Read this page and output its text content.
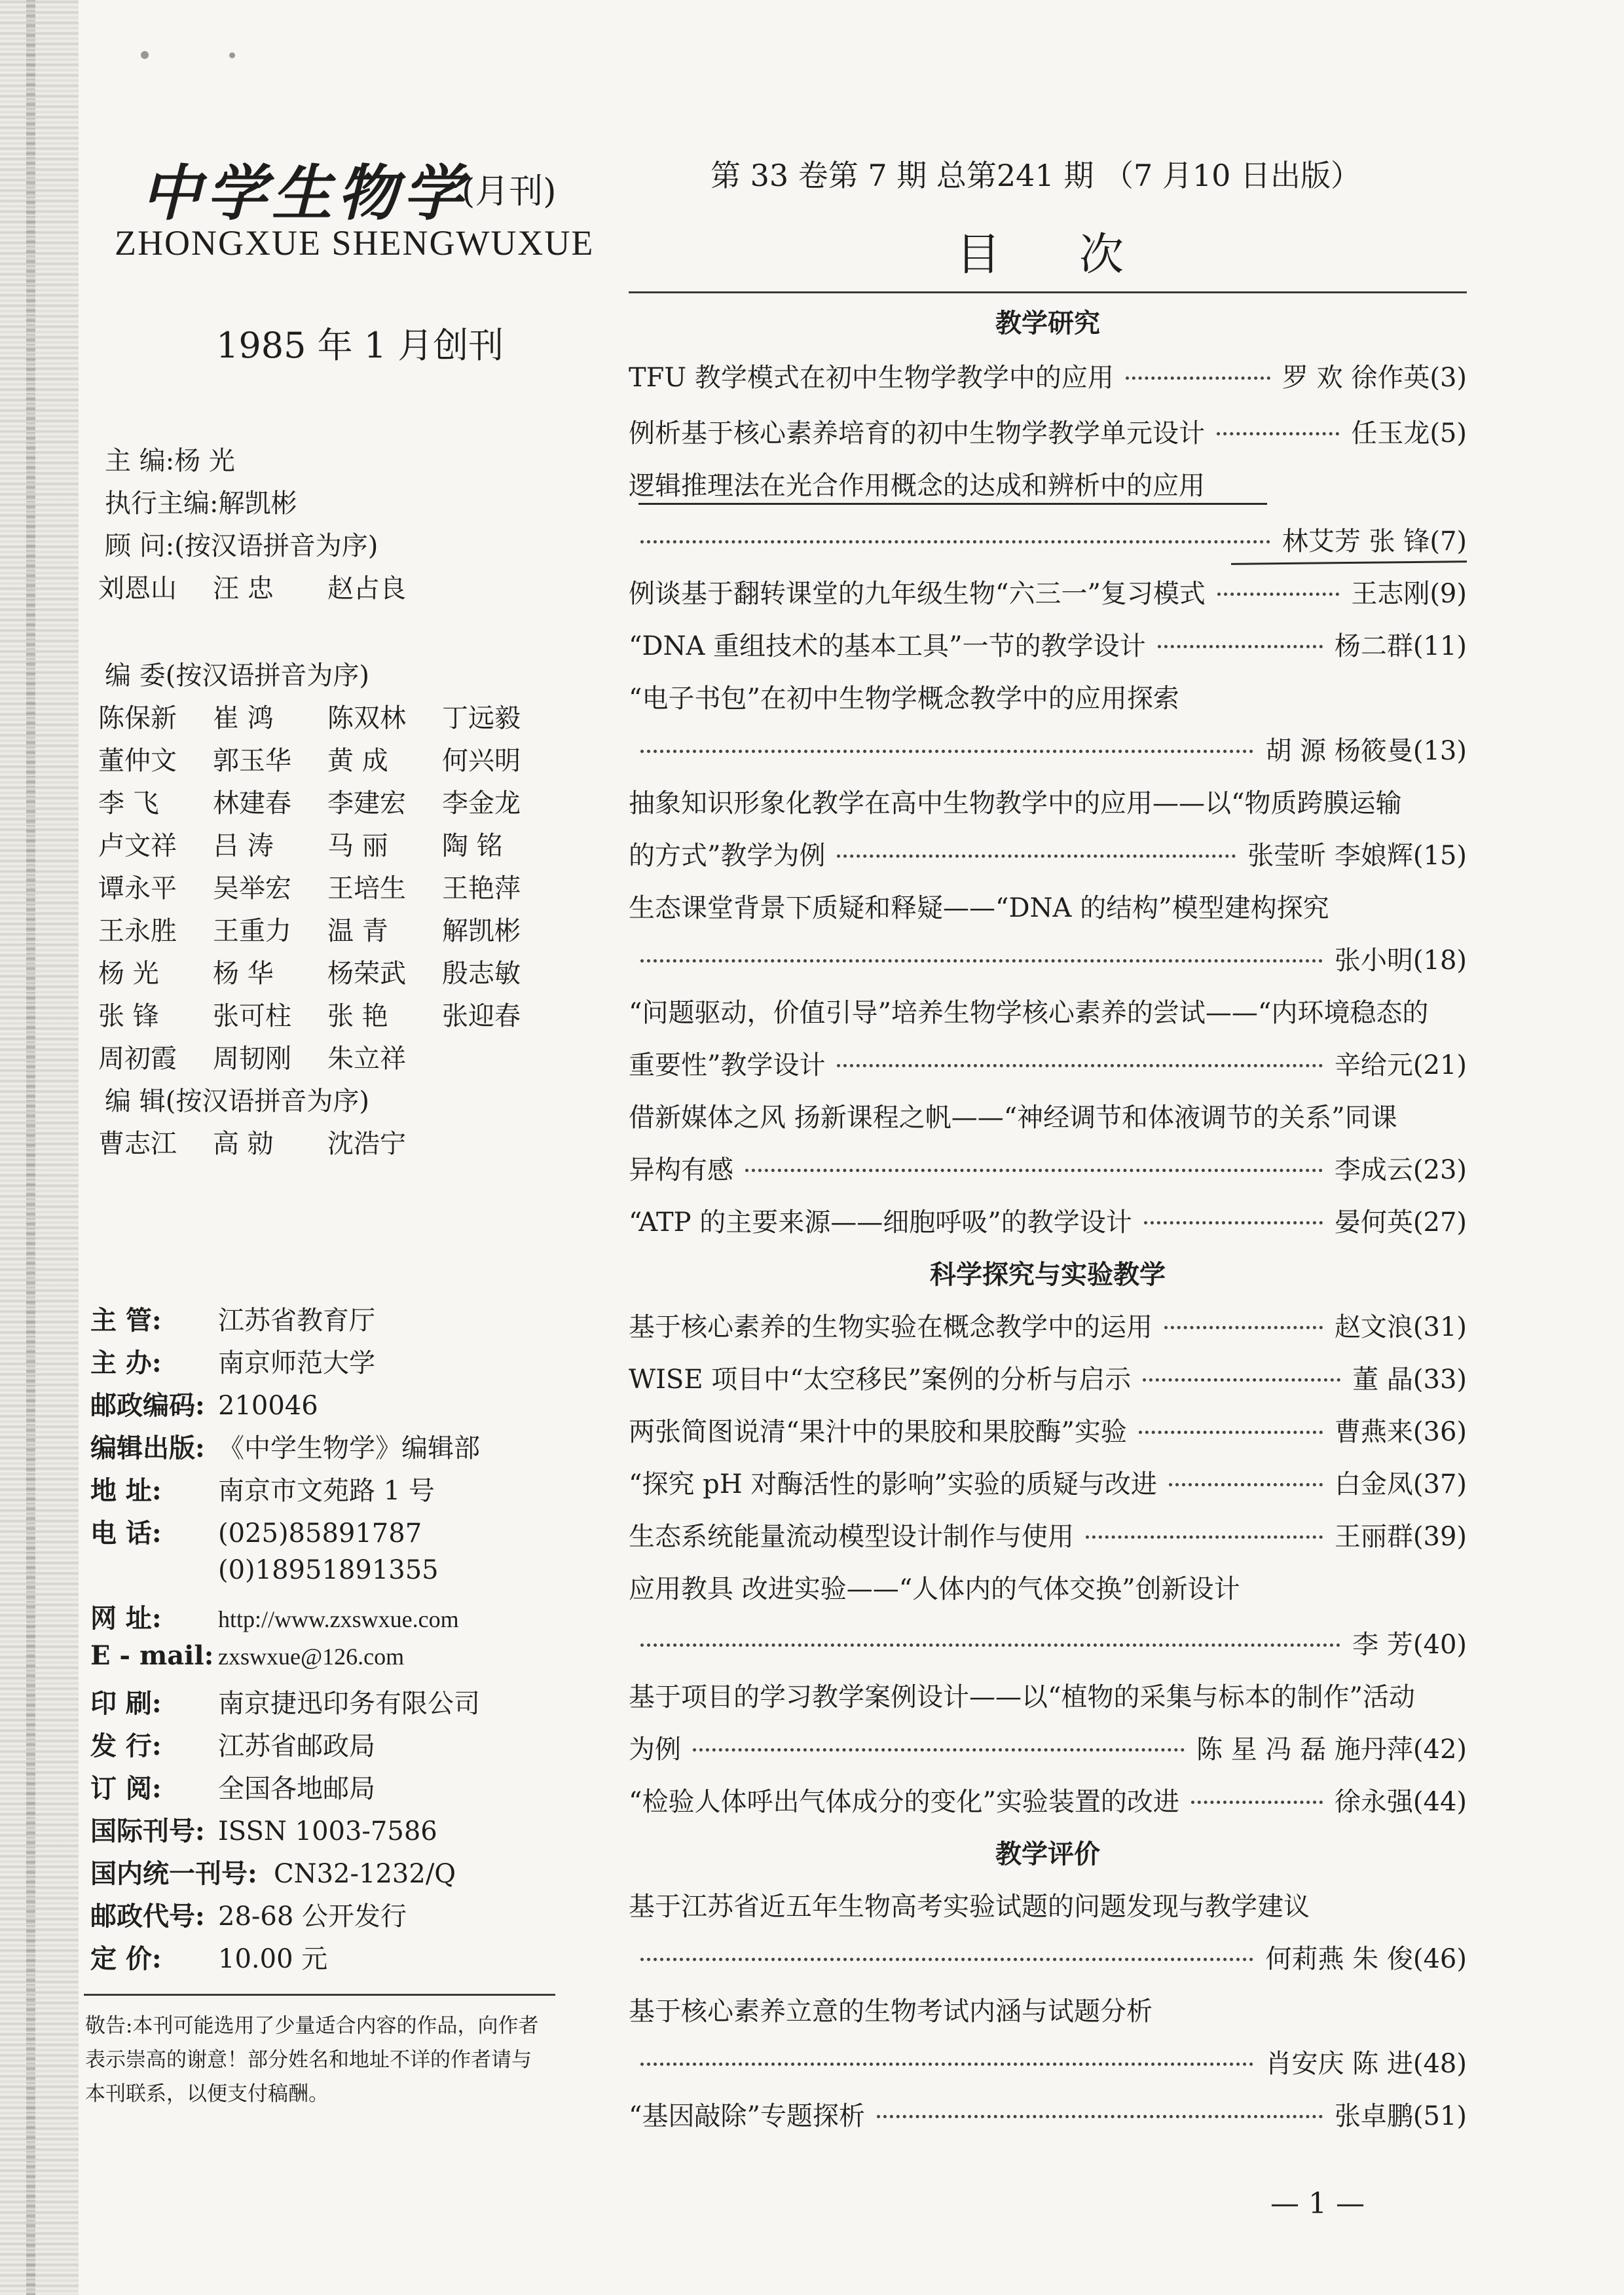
中学生物学
(月刊)
ZHONGXUE SHENGWUXUE
第 33 卷第 7 期 总第241 期 （7 月10 日出版）
目次
1985 年 1 月创刊
主 编:杨 光
执行主编:解凯彬
顾 问:(按汉语拼音为序)
刘恩山 汪 忠 赵占良
编 委(按汉语拼音为序)
陈保新 崔 鸿 陈双林 丁远毅
董仲文 郭玉华 黄 成 何兴明
李 飞 林建春 李建宏 李金龙
卢文祥 吕 涛 马 丽 陶 铭
谭永平 吴举宏 王培生 王艳萍
王永胜 王重力 温 青 解凯彬
杨 光 杨 华 杨荣武 殷志敏
张 锋 张可柱 张 艳 张迎春
周初霞 周韧刚 朱立祥
编 辑(按汉语拼音为序)
曹志江 高 勍 沈浩宁
主 管: 江苏省教育厅
主 办: 南京师范大学
邮政编码: 210046
编辑出版: 《中学生物学》编辑部
地 址: 南京市文苑路 1 号
电 话: (025)85891787
(0)18951891355
网 址: http://www.zxswxue.com
E - mail: zxswxue@126.com
印 刷: 南京捷迅印务有限公司
发 行: 江苏省邮政局
订 阅: 全国各地邮局
国际刊号: ISSN 1003-7586
国内统一刊号: CN32-1232/Q
邮政代号: 28-68 公开发行
定 价: 10.00 元
敬告:本刊可能选用了少量适合内容的作品，向作者表示崇高的谢意！部分姓名和地址不详的作者请与本刊联系，以便支付稿酬。
教学研究
TFU 教学模式在初中生物学教学中的应用	罗 欢 徐作英(3)
例析基于核心素养培育的初中生物学教学单元设计	任玉龙(5)
逻辑推理法在光合作用概念的达成和辨析中的应用
林艾芳 张 锋(7)
例谈基于翻转课堂的九年级生物“六三一”复习模式	王志刚(9)
“DNA 重组技术的基本工具”一节的教学设计	杨二群(11)
“电子书包”在初中生物学概念教学中的应用探索
胡 源 杨筱曼(13)
抽象知识形象化教学在高中生物教学中的应用——以“物质跨膜运输
的方式”教学为例	张莹昕 李娘辉(15)
生态课堂背景下质疑和释疑——“DNA 的结构”模型建构探究
张小明(18)
“问题驱动，价值引导”培养生物学核心素养的尝试——“内环境稳态的
重要性”教学设计	辛给元(21)
借新媒体之风 扬新课程之帆——“神经调节和体液调节的关系”同课
异构有感	李成云(23)
“ATP 的主要来源——细胞呼吸”的教学设计	晏何英(27)
科学探究与实验教学
基于核心素养的生物实验在概念教学中的运用	赵文浪(31)
WISE 项目中“太空移民”案例的分析与启示	董 晶(33)
两张简图说清“果汁中的果胶和果胶酶”实验	曹燕来(36)
“探究 pH 对酶活性的影响”实验的质疑与改进	白金凤(37)
生态系统能量流动模型设计制作与使用	王丽群(39)
应用教具 改进实验——“人体内的气体交换”创新设计
李 芳(40)
基于项目的学习教学案例设计——以“植物的采集与标本的制作”活动
为例	陈 星 冯 磊 施丹萍(42)
“检验人体呼出气体成分的变化”实验装置的改进	徐永强(44)
教学评价
基于江苏省近五年生物高考实验试题的问题发现与教学建议
何莉燕 朱 俊(46)
基于核心素养立意的生物考试内涵与试题分析
肖安庆 陈 进(48)
“基因敲除”专题探析	张卓鹏(51)
— 1 —
